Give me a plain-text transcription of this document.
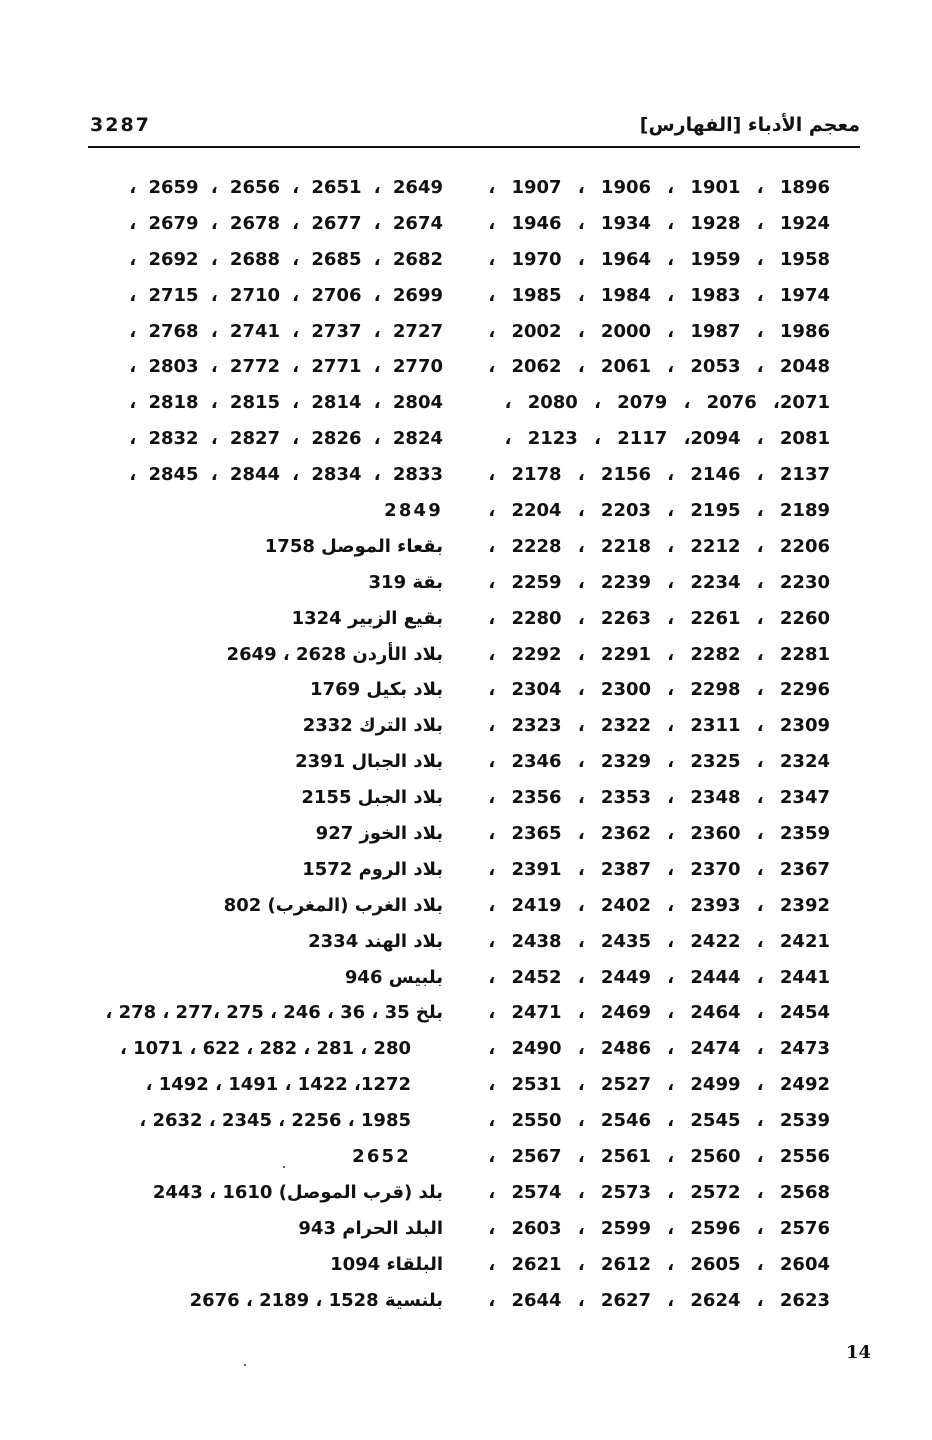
معجم الأدباء [الفهارس]
3287
1896 ، 1901 ، 1906 ، 1907 ،
1924 ، 1928 ، 1934 ، 1946 ،
1958 ، 1959 ، 1964 ، 1970 ،
1974 ، 1983 ، 1984 ، 1985 ،
1986 ، 1987 ، 2000 ، 2002 ،
2048 ، 2053 ، 2061 ، 2062 ،
2071، 2076 ، 2079 ، 2080 ،
2081 ، 2094، 2117 ، 2123 ،
2137 ، 2146 ، 2156 ، 2178 ،
2189 ، 2195 ، 2203 ، 2204 ،
2206 ، 2212 ، 2218 ، 2228 ،
2230 ، 2234 ، 2239 ، 2259 ،
2260 ، 2261 ، 2263 ، 2280 ،
2281 ، 2282 ، 2291 ، 2292 ،
2296 ، 2298 ، 2300 ، 2304 ،
2309 ، 2311 ، 2322 ، 2323 ،
2324 ، 2325 ، 2329 ، 2346 ،
2347 ، 2348 ، 2353 ، 2356 ،
2359 ، 2360 ، 2362 ، 2365 ،
2367 ، 2370 ، 2387 ، 2391 ،
2392 ، 2393 ، 2402 ، 2419 ،
2421 ، 2422 ، 2435 ، 2438 ،
2441 ، 2444 ، 2449 ، 2452 ،
2454 ، 2464 ، 2469 ، 2471 ،
2473 ، 2474 ، 2486 ، 2490 ،
2492 ، 2499 ، 2527 ، 2531 ،
2539 ، 2545 ، 2546 ، 2550 ،
2556 ، 2560 ، 2561 ، 2567 ،
2568 ، 2572 ، 2573 ، 2574 ،
2576 ، 2596 ، 2599 ، 2603 ،
2604 ، 2605 ، 2612 ، 2621 ،
2623 ، 2624 ، 2627 ، 2644 ،
2649 ، 2651 ، 2656 ، 2659 ،
2674 ، 2677 ، 2678 ، 2679 ،
2682 ، 2685 ، 2688 ، 2692 ،
2699 ، 2706 ، 2710 ، 2715 ،
2727 ، 2737 ، 2741 ، 2768 ،
2770 ، 2771 ، 2772 ، 2803 ،
2804 ، 2814 ، 2815 ، 2818 ،
2824 ، 2826 ، 2827 ، 2832 ،
2833 ، 2834 ، 2844 ، 2845 ،
2849
بقعاء الموصل 1758
بقة 319
بقيع الزبير 1324
بلاد الأردن 2628 ، 2649
بلاد بكيل 1769
بلاد الترك 2332
بلاد الجبال 2391
بلاد الجبل 2155
بلاد الخوز 927
بلاد الروم 1572
بلاد الغرب (المغرب) 802
بلاد الهند 2334
بلبيس 946
بلخ 35 ، 36 ، 246 ، 275 ،277 ، 278 ،
280 ، 281 ، 282 ، 622 ، 1071 ،
1272، 1422 ، 1491 ، 1492 ،
1985 ، 2256 ، 2345 ، 2632 ،
2652
بلد (قرب الموصل) 1610 ، 2443
البلد الحرام 943
البلقاء 1094
بلنسية 1528 ، 2189 ، 2676
14
